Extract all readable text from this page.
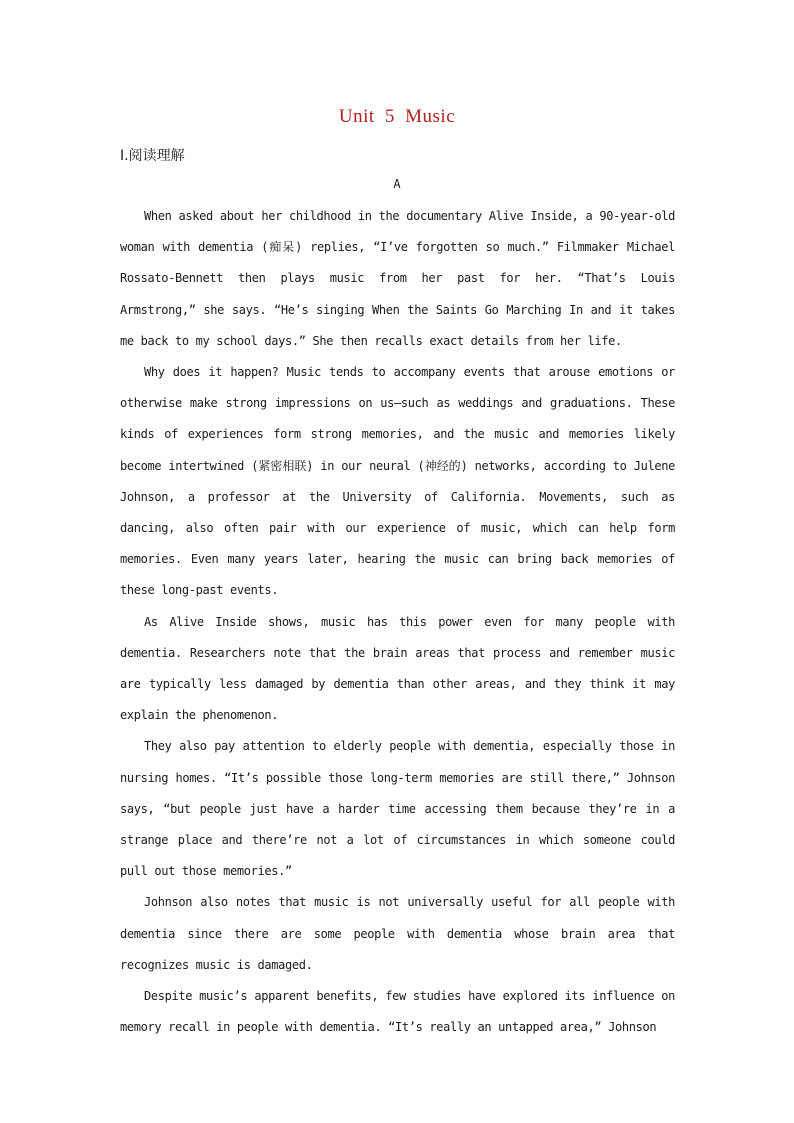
Unit 5 Music
Ⅰ.阅读理解
A

When asked about her childhood in the documentary Alive Inside, a 90-year-old woman with dementia (痴呆) replies, “I’ve forgotten so much.” Filmmaker Michael Rossato-Bennett then plays music from her past for her. “That’s Louis Armstrong,” she says. “He’s singing When the Saints Go Marching In and it takes me back to my school days.” She then recalls exact details from her life.

Why does it happen? Music tends to accompany events that arouse emotions or otherwise make strong impressions on us—such as weddings and graduations. These kinds of experiences form strong memories, and the music and memories likely become intertwined (紧密相联) in our neural (神经的) networks, according to Julene Johnson, a professor at the University of California. Movements, such as dancing, also often pair with our experience of music, which can help form memories. Even many years later, hearing the music can bring back memories of these long-past events.

As Alive Inside shows, music has this power even for many people with dementia. Researchers note that the brain areas that process and remember music are typically less damaged by dementia than other areas, and they think it may explain the phenomenon.

They also pay attention to elderly people with dementia, especially those in nursing homes. “It’s possible those long-term memories are still there,” Johnson says, “but people just have a harder time accessing them because they’re in a strange place and there’re not a lot of circumstances in which someone could pull out those memories.”

Johnson also notes that music is not universally useful for all people with dementia since there are some people with dementia whose brain area that recognizes music is damaged.

Despite music’s apparent benefits, few studies have explored its influence on memory recall in people with dementia. “It’s really an untapped area,” Johnson
